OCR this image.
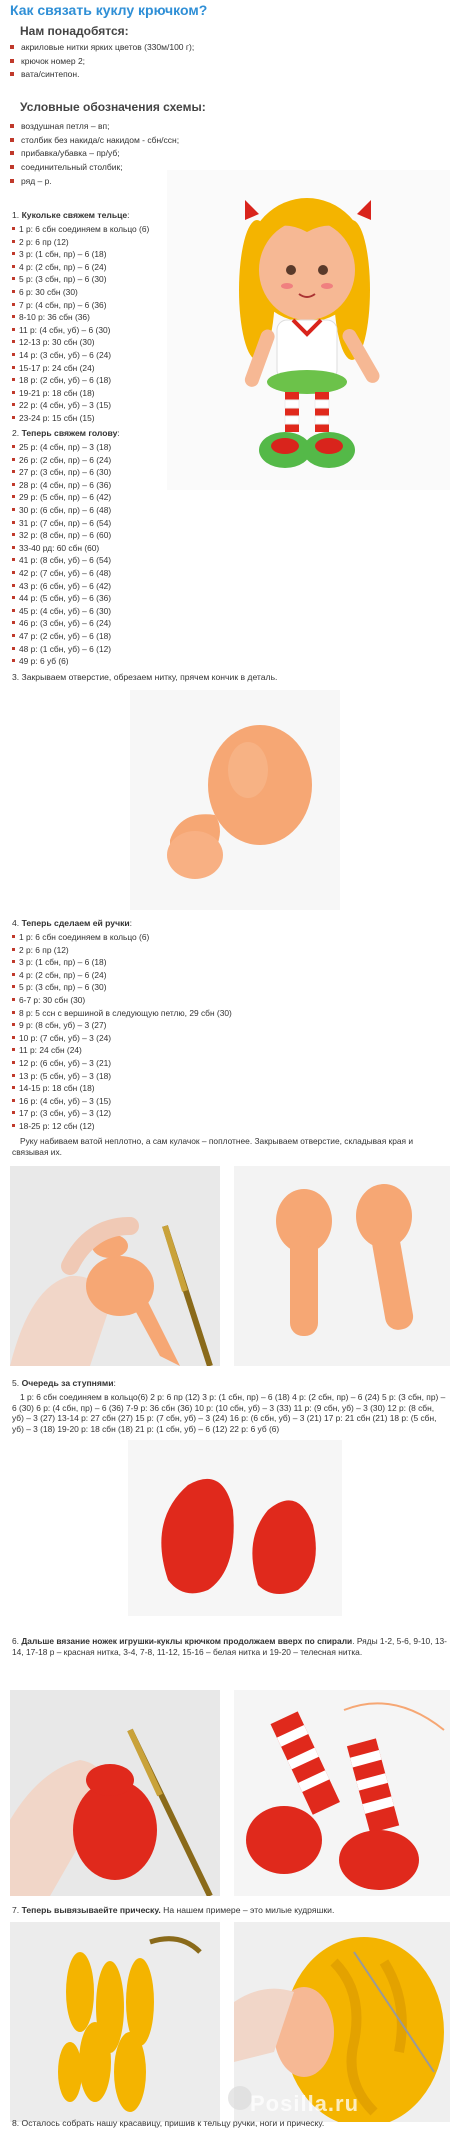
Как связать куклу крючком?
Нам понадобятся:
акриловые нитки ярких цветов (330м/100 г);
крючок номер 2;
вата/синтепон.
Условные обозначения схемы:
воздушная петля – вп;
столбик без накида/с накидом - сбн/ссн;
прибавка/убавка – пр/уб;
соединительный столбик;
ряд – р.

1. Кукольке свяжем тельце:

1 р: 6 сбн соединяем в кольцо (6)
2 р: 6 пр (12)
3 р: (1 сбн, пр) – 6 (18)
4 р: (2 сбн, пр) – 6 (24)
5 р: (3 сбн, пр) – 6 (30)
6 р: 30 сбн (30)
7 р: (4 сбн, пр) – 6 (36)
8-10 р: 36 сбн (36)
11 р: (4 сбн, уб) – 6 (30)
12-13 р: 30 сбн (30)
14 р: (3 сбн, уб) – 6 (24)
15-17 р: 24 сбн (24)
18 р: (2 сбн, уб) – 6 (18)
19-21 р: 18 сбн (18)
22 р: (4 сбн, уб) – 3 (15)
23-24 р: 15 сбн (15)

2. Теперь свяжем голову:

25 р: (4 сбн, пр) – 3 (18)
26 р: (2 сбн, пр) – 6 (24)
27 р: (3 сбн, пр) – 6 (30)
28 р: (4 сбн, пр) – 6 (36)
29 р: (5 сбн, пр) – 6 (42)
30 р: (6 сбн, пр) – 6 (48)
31 р: (7 сбн, пр) – 6 (54)
32 р: (8 сбн, пр) – 6 (60)
33-40 рд: 60 сбн (60)
41 р: (8 сбн, уб) – 6 (54)
42 р: (7 сбн, уб) – 6 (48)
43 р: (6 сбн, уб) – 6 (42)
44 р: (5 сбн, уб) – 6 (36)
45 р: (4 сбн, уб) – 6 (30)
46 р: (3 сбн, уб) – 6 (24)
47 р: (2 сбн, уб) – 6 (18)
48 р: (1 сбн, уб) – 6 (12)
49 р: 6 уб (6)

3. Закрываем отверстие, обрезаем нитку, прячем кончик в деталь.

4. Теперь сделаем ей ручки:

1 р: 6 сбн соединяем в кольцо (6)
2 р: 6 пр (12)
3 р: (1 сбн, пр) – 6 (18)
4 р: (2 сбн, пр) – 6 (24)
5 р: (3 сбн, пр) – 6 (30)
6-7 р: 30 сбн (30)
8 р: 5 ссн с вершиной в следующую петлю, 29 сбн (30)
9 р: (8 сбн, уб) – 3 (27)
10 р: (7 сбн, уб) – 3 (24)
11 р: 24 сбн (24)
12 р: (6 сбн, уб) – 3 (21)
13 р: (5 сбн, уб) – 3 (18)
14-15 р: 18 сбн (18)
16 р: (4 сбн, уб) – 3 (15)
17 р: (3 сбн, уб) – 3 (12)
18-25 р: 12 сбн (12)

Руку набиваем ватой неплотно, а сам кулачок – поплотнее. Закрываем отверстие, складывая края и связывая их.

5. Очередь за ступнями:

1 р: 6 сбн соединяем в кольцо(6) 2 р: 6 пр (12) 3 р: (1 сбн, пр) – 6 (18) 4 р: (2 сбн, пр) – 6 (24) 5 р: (3 сбн, пр) – 6 (30) 6 р: (4 сбн, пр) – 6 (36) 7-9 р: 36 сбн (36) 10 р: (10 сбн, уб) – 3 (33) 11 р: (9 сбн, уб) – 3 (30) 12 р: (8 сбн, уб) – 3 (27) 13-14 р: 27 сбн (27) 15 р: (7 сбн, уб) – 3 (24) 16 р: (6 сбн, уб) – 3 (21) 17 р: 21 сбн (21) 18 р: (5 сбн, уб) – 3 (18) 19-20 р: 18 сбн (18) 21 р: (1 сбн, уб) – 6 (12) 22 р: 6 уб (6)

6. Дальше вязание ножек игрушки-куклы крючком продолжаем вверх по спирали. Ряды 1-2, 5-6, 9-10, 13-14, 17-18 р – красная нитка, 3-4, 7-8, 11-12, 15-16 – белая нитка и 19-20 – телесная нитка.

7. Теперь вывязываейте прическу. На нашем примере – это милые кудряшки.

Posilla.ru

8. Осталось собрать нашу красавицу, пришив к тельцу ручки, ноги и прическу.
